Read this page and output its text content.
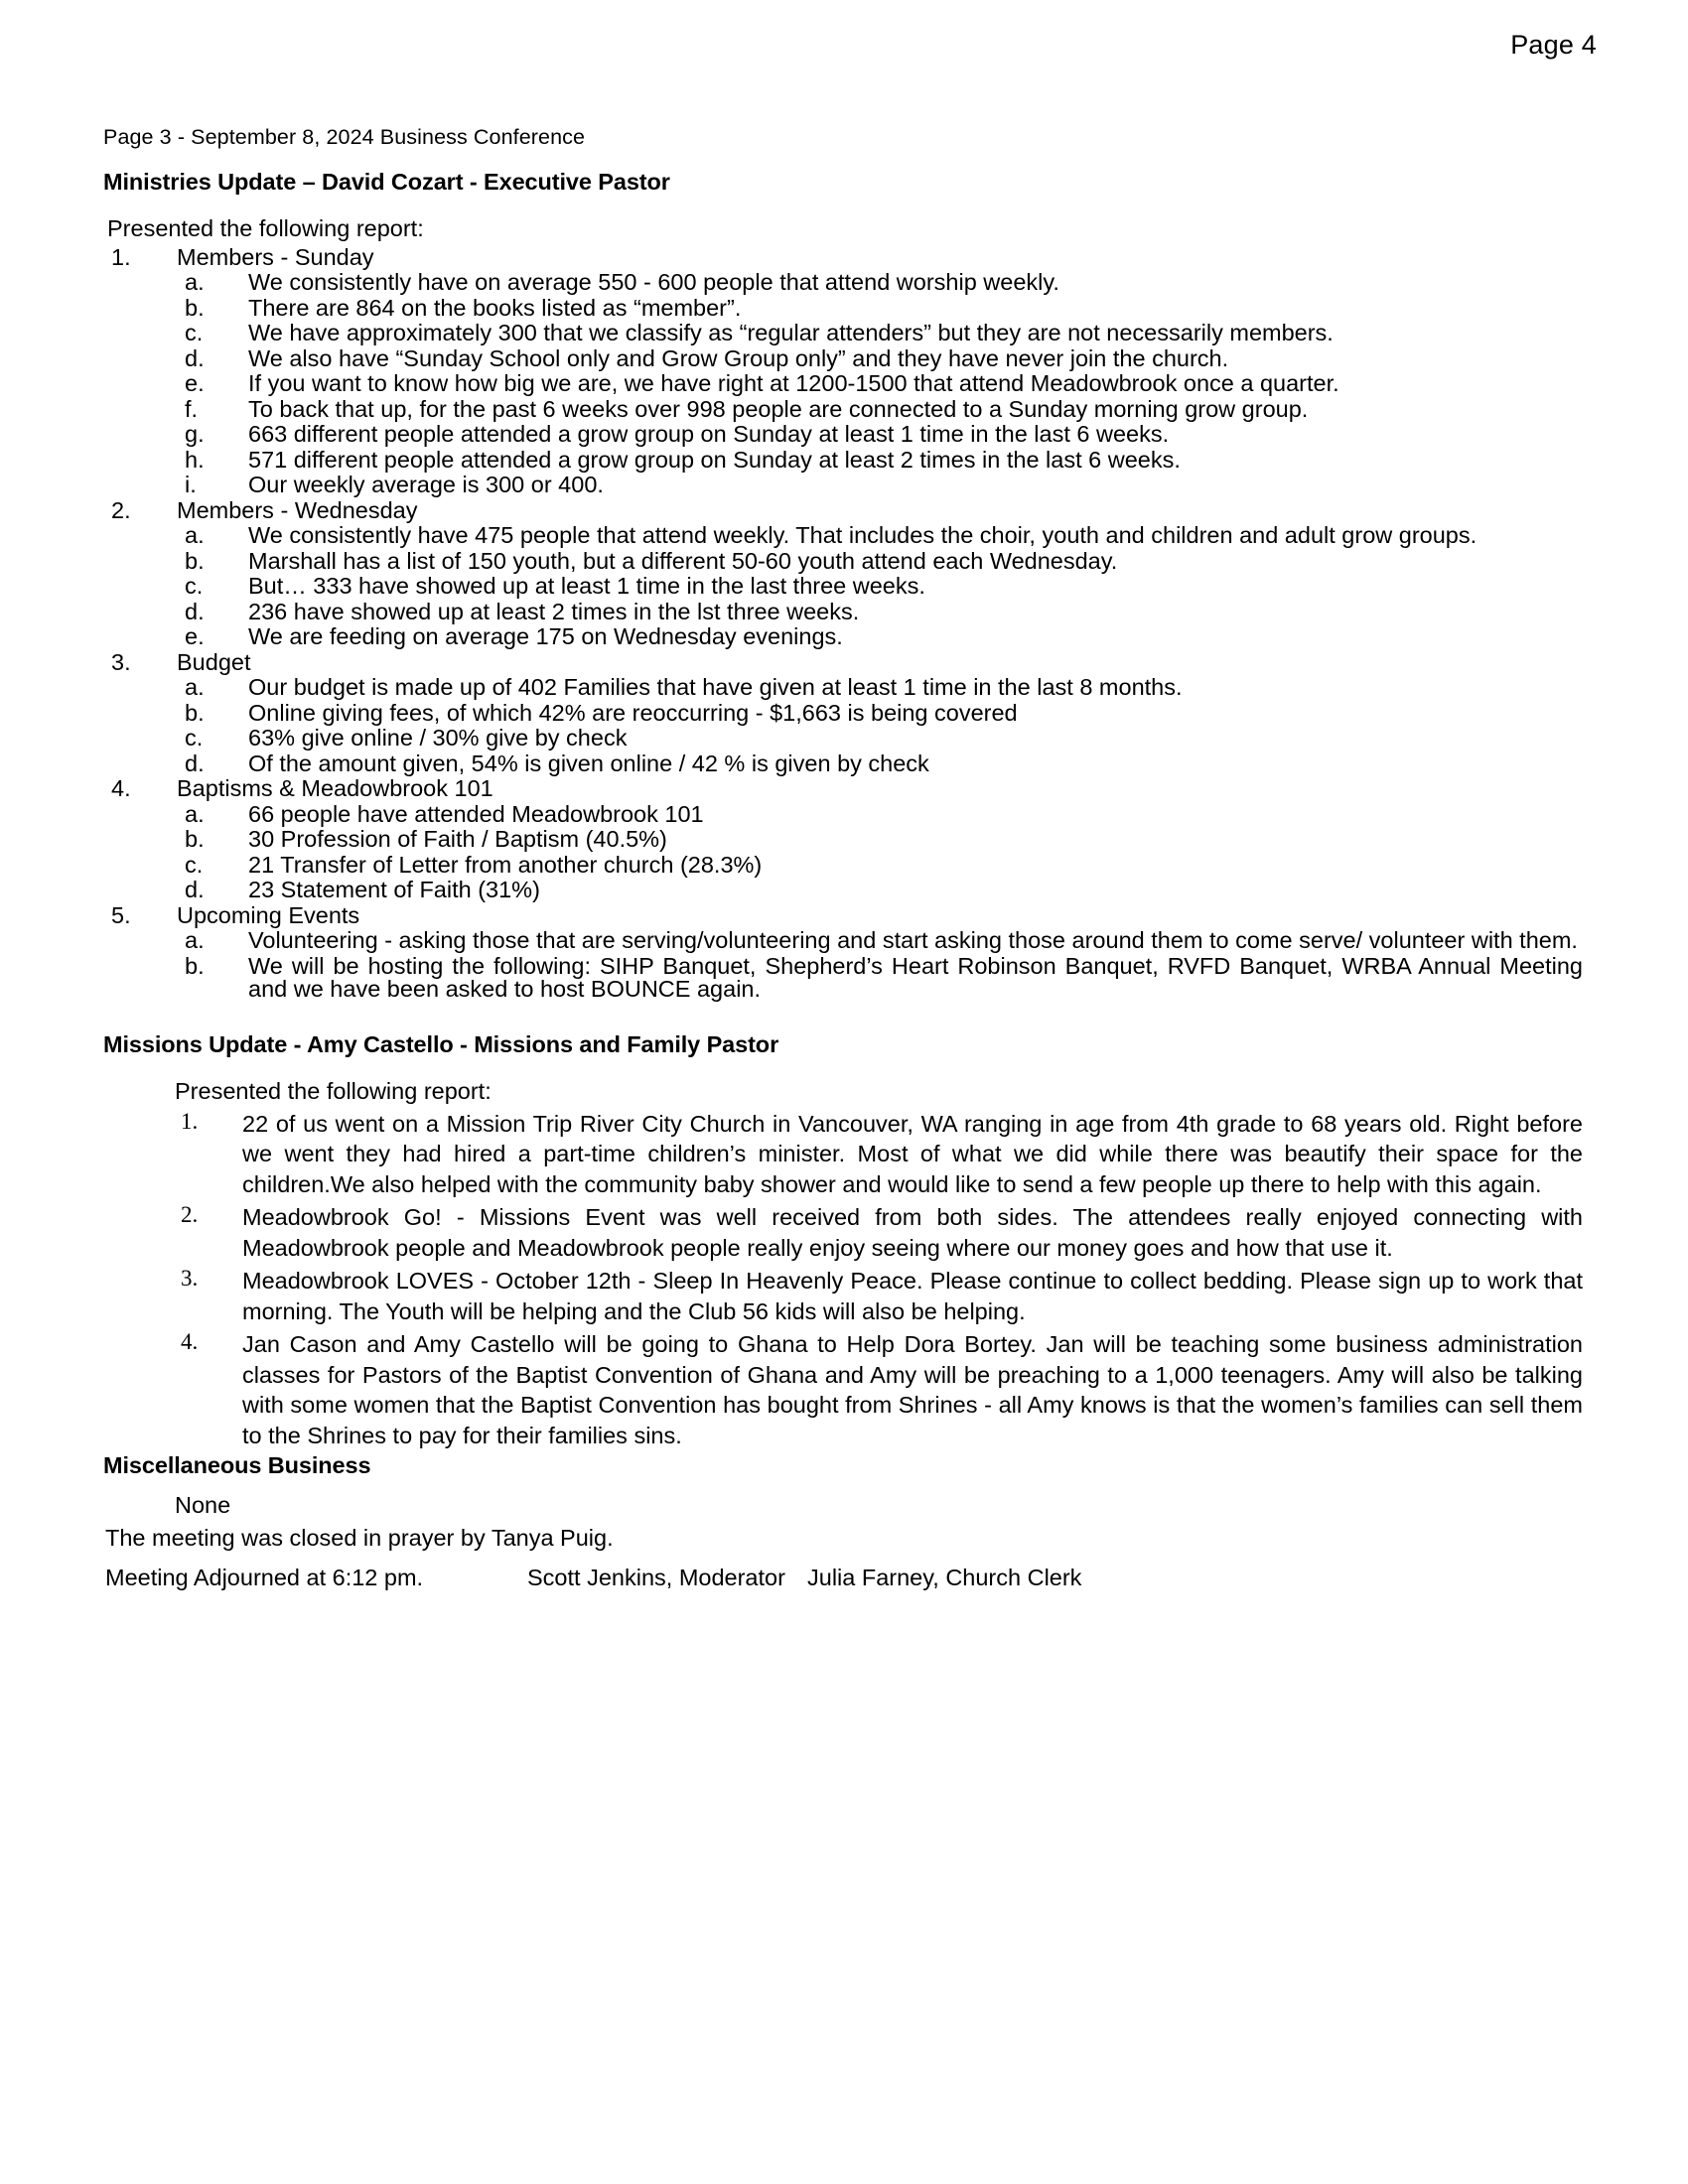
Page 4

Page 3 - September 8, 2024 Business Conference

Ministries Update – David Cozart - Executive Pastor

Presented the following report:

1.	Members - Sunday
a.	We consistently have on average 550 - 600 people that attend worship weekly.
b.	There are 864 on the books listed as “member”.
c.	We have approximately 300 that we classify as “regular attenders” but they are not necessarily members.
d.	We also have “Sunday School only and Grow Group only” and they have never join the church.
e.	If you want to know how big we are, we have right at 1200-1500 that attend Meadowbrook once a quarter.
f.	To back that up, for the past 6 weeks over 998 people are connected to a Sunday morning grow group.
g.	663 different people attended a grow group on Sunday at least 1 time in the last 6 weeks.
h.	571 different people attended a grow group on Sunday at least 2 times in the last 6 weeks.
i.	Our weekly average is 300 or 400.
2.	Members - Wednesday
a.	We consistently have 475 people that attend weekly. That includes the choir, youth and children and adult grow groups.
b.	Marshall has a list of 150 youth, but a different 50-60 youth attend each Wednesday.
c.	But… 333 have showed up at least 1 time in the last three weeks.
d.	236 have showed up at least 2 times in the lst three weeks.
e.	We are feeding on average 175 on Wednesday evenings.
3.	Budget
a.	Our budget is made up of 402 Families that have given at least 1 time in the last 8 months.
b.	Online giving fees, of which 42% are reoccurring - $1,663 is being covered
c.	63% give online / 30% give by check
d.	Of the amount given, 54% is given online / 42 % is given by check
4.	Baptisms & Meadowbrook 101
a.	66 people have attended Meadowbrook 101
b.	30 Profession of Faith / Baptism (40.5%)
c.	21 Transfer of Letter from another church (28.3%)
d.	23 Statement of Faith (31%)
5.	Upcoming Events
a.	Volunteering - asking those that are serving/volunteering and start asking those around them to come serve/ volunteer with them.
b.	We will be hosting the following: SIHP Banquet, Shepherd’s Heart Robinson Banquet, RVFD Banquet, WRBA Annual Meeting and we have been asked to host BOUNCE again.
Missions Update - Amy Castello - Missions and Family Pastor

Presented the following report:

1.	22 of us went on a Mission Trip River City Church in Vancouver, WA ranging in age from 4th grade to 68 years old. Right before we went they had hired a part-time children’s minister. Most of what we did while there was beautify their space for the children.We also helped with the community baby shower and would like to send a few people up there to help with this again.
2.	Meadowbrook Go! - Missions Event was well received from both sides. The attendees really enjoyed connecting with Meadowbrook people and Meadowbrook people really enjoy seeing where our money goes and how that use it.
3.	Meadowbrook LOVES - October 12th - Sleep In Heavenly Peace. Please continue to collect bedding. Please sign up to work that morning. The Youth will be helping and the Club 56 kids will also be helping.
4.	Jan Cason and Amy Castello will be going to Ghana to Help Dora Bortey. Jan will be teaching some business administration classes for Pastors of the Baptist Convention of Ghana and Amy will be preaching to a 1,000 teenagers. Amy will also be talking with some women that the Baptist Convention has bought from Shrines - all Amy knows is that the women’s families can sell them to the Shrines to pay for their families sins.
Miscellaneous Business

None

The meeting was closed in prayer by Tanya Puig.

Meeting Adjourned at 6:12 pm.	Scott Jenkins, Moderator Julia Farney, Church Clerk
